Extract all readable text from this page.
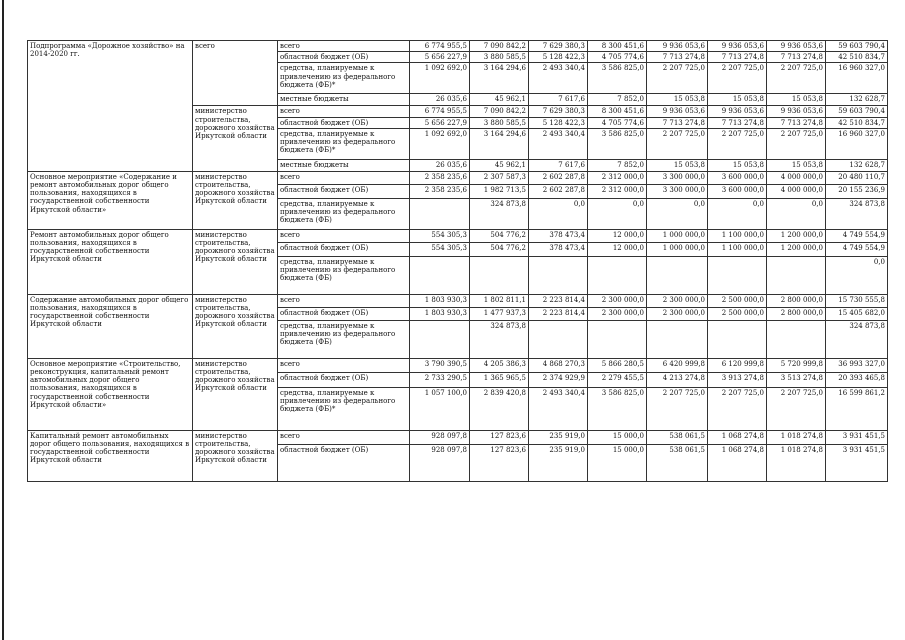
Подпрограмма «Дорожное хозяйство» на 2014-2020 гг.	всего	всего	6 774 955,5	7 090 842,2	7 629 380,3	8 300 451,6	9 936 053,6	9 936 053,6	9 936 053,6	59 603 790,4
		областной бюджет (ОБ)	5 656 227,9	3 880 585,5	5 128 422,3	4 705 774,6	7 713 274,8	7 713 274,8	7 713 274,8	42 510 834,7
		средства, планируемые к привлечению из федерального бюджета (ФБ)*	1 092 692,0	3 164 294,6	2 493 340,4	3 586 825,0	2 207 725,0	2 207 725,0	2 207 725,0	16 960 327,0
		местные бюджеты	26 035,6	45 962,1	7 617,6	7 852,0	15 053,8	15 053,8	15 053,8	132 628,7
	министерство строительства, дорожного хозяйства Иркутской области	всего	6 774 955,5	7 090 842,2	7 629 380,3	8 300 451,6	9 936 053,6	9 936 053,6	9 936 053,6	59 603 790,4
		областной бюджет (ОБ)	5 656 227,9	3 880 585,5	5 128 422,3	4 705 774,6	7 713 274,8	7 713 274,8	7 713 274,8	42 510 834,7
		средства, планируемые к привлечению из федерального бюджета (ФБ)*	1 092 692,0	3 164 294,6	2 493 340,4	3 586 825,0	2 207 725,0	2 207 725,0	2 207 725,0	16 960 327,0
		местные бюджеты	26 035,6	45 962,1	7 617,6	7 852,0	15 053,8	15 053,8	15 053,8	132 628,7
Основное мероприятие «Содержание и ремонт автомобильных дорог общего пользования, находящихся в государственной собственности Иркутской области»	министерство строительства, дорожного хозяйства Иркутской области	всего	2 358 235,6	2 307 587,3	2 602 287,8	2 312 000,0	3 300 000,0	3 600 000,0	4 000 000,0	20 480 110,7
		областной бюджет (ОБ)	2 358 235,6	1 982 713,5	2 602 287,8	2 312 000,0	3 300 000,0	3 600 000,0	4 000 000,0	20 155 236,9
		средства, планируемые к привлечению из федерального бюджета (ФБ)		324 873,8	0,0	0,0	0,0	0,0	0,0	324 873,8
Ремонт автомобильных дорог общего пользования, находящихся в государственной собственности Иркутской области	министерство строительства, дорожного хозяйства Иркутской области	всего	554 305,3	504 776,2	378 473,4	12 000,0	1 000 000,0	1 100 000,0	1 200 000,0	4 749 554,9
		областной бюджет (ОБ)	554 305,3	504 776,2	378 473,4	12 000,0	1 000 000,0	1 100 000,0	1 200 000,0	4 749 554,9
		средства, планируемые к привлечению из федерального бюджета (ФБ)								0,0
Содержание автомобильных дорог общего пользования, находящихся в государственной собственности Иркутской области	министерство строительства, дорожного хозяйства Иркутской области	всего	1 803 930,3	1 802 811,1	2 223 814,4	2 300 000,0	2 300 000,0	2 500 000,0	2 800 000,0	15 730 555,8
		областной бюджет (ОБ)	1 803 930,3	1 477 937,3	2 223 814,4	2 300 000,0	2 300 000,0	2 500 000,0	2 800 000,0	15 405 682,0
		средства, планируемые к привлечению из федерального бюджета (ФБ)		324 873,8						324 873,8
Основное мероприятие «Строительство, реконструкция, капитальный ремонт автомобильных дорог общего пользования, находящихся в государственной собственности Иркутской области»	министерство строительства, дорожного хозяйства Иркутской области	всего	3 790 390,5	4 205 386,3	4 868 270,3	5 866 280,5	6 420 999,8	6 120 999,8	5 720 999,8	36 993 327,0
		областной бюджет (ОБ)	2 733 290,5	1 365 965,5	2 374 929,9	2 279 455,5	4 213 274,8	3 913 274,8	3 513 274,8	20 393 465,8
		средства, планируемые к привлечению из федерального бюджета (ФБ)*	1 057 100,0	2 839 420,8	2 493 340,4	3 586 825,0	2 207 725,0	2 207 725,0	2 207 725,0	16 599 861,2
Капитальный ремонт автомобильных дорог общего пользования, находящихся в государственной собственности Иркутской области	министерство строительства, дорожного хозяйства Иркутской области	всего	928 097,8	127 823,6	235 919,0	15 000,0	538 061,5	1 068 274,8	1 018 274,8	3 931 451,5
		областной бюджет (ОБ)	928 097,8	127 823,6	235 919,0	15 000,0	538 061,5	1 068 274,8	1 018 274,8	3 931 451,5
